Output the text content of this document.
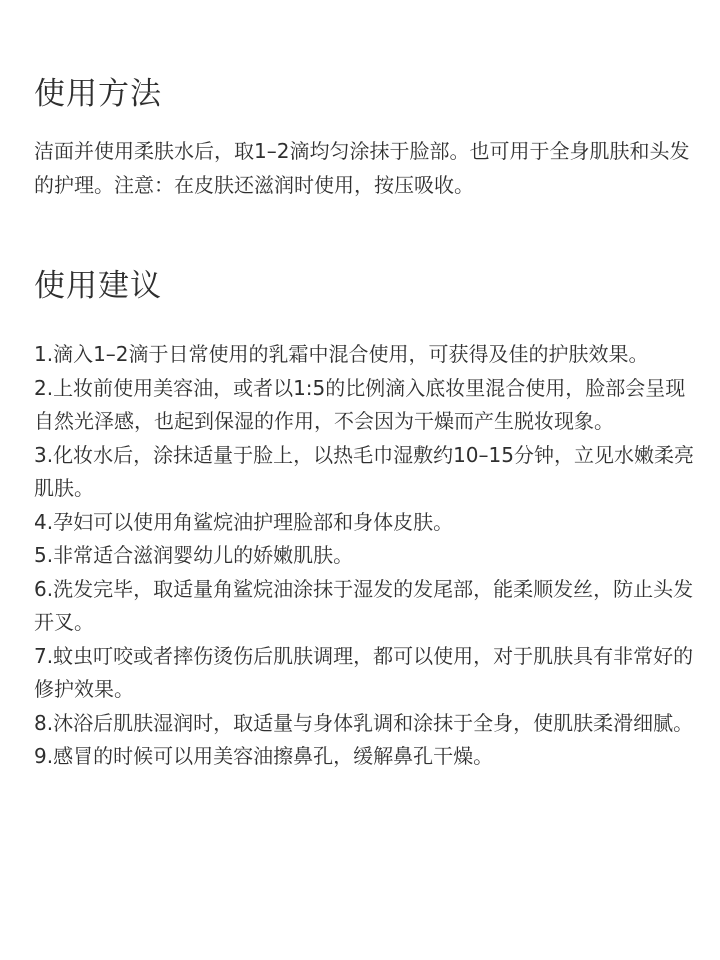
使用方法

洁面并使用柔肤水后，取1–2滴均匀涂抹于脸部。也可用于全身肌肤和头发的护理。注意：在皮肤还滋润时使用，按压吸收。

使用建议
1.滴入1–2滴于日常使用的乳霜中混合使用，可获得及佳的护肤效果。
2.上妆前使用美容油，或者以1:5的比例滴入底妆里混合使用，脸部会呈现自然光泽感，也起到保湿的作用，不会因为干燥而产生脱妆现象。
3.化妆水后，涂抹适量于脸上，以热毛巾湿敷约10–15分钟，立见水嫩柔亮肌肤。
4.孕妇可以使用角鲨烷油护理脸部和身体皮肤。
5.非常适合滋润婴幼儿的娇嫩肌肤。
6.洗发完毕，取适量角鲨烷油涂抹于湿发的发尾部，能柔顺发丝，防止头发开叉。
7.蚊虫叮咬或者摔伤烫伤后肌肤调理，都可以使用，对于肌肤具有非常好的修护效果。
8.沐浴后肌肤湿润时，取适量与身体乳调和涂抹于全身，使肌肤柔滑细腻。
9.感冒的时候可以用美容油擦鼻孔，缓解鼻孔干燥。
